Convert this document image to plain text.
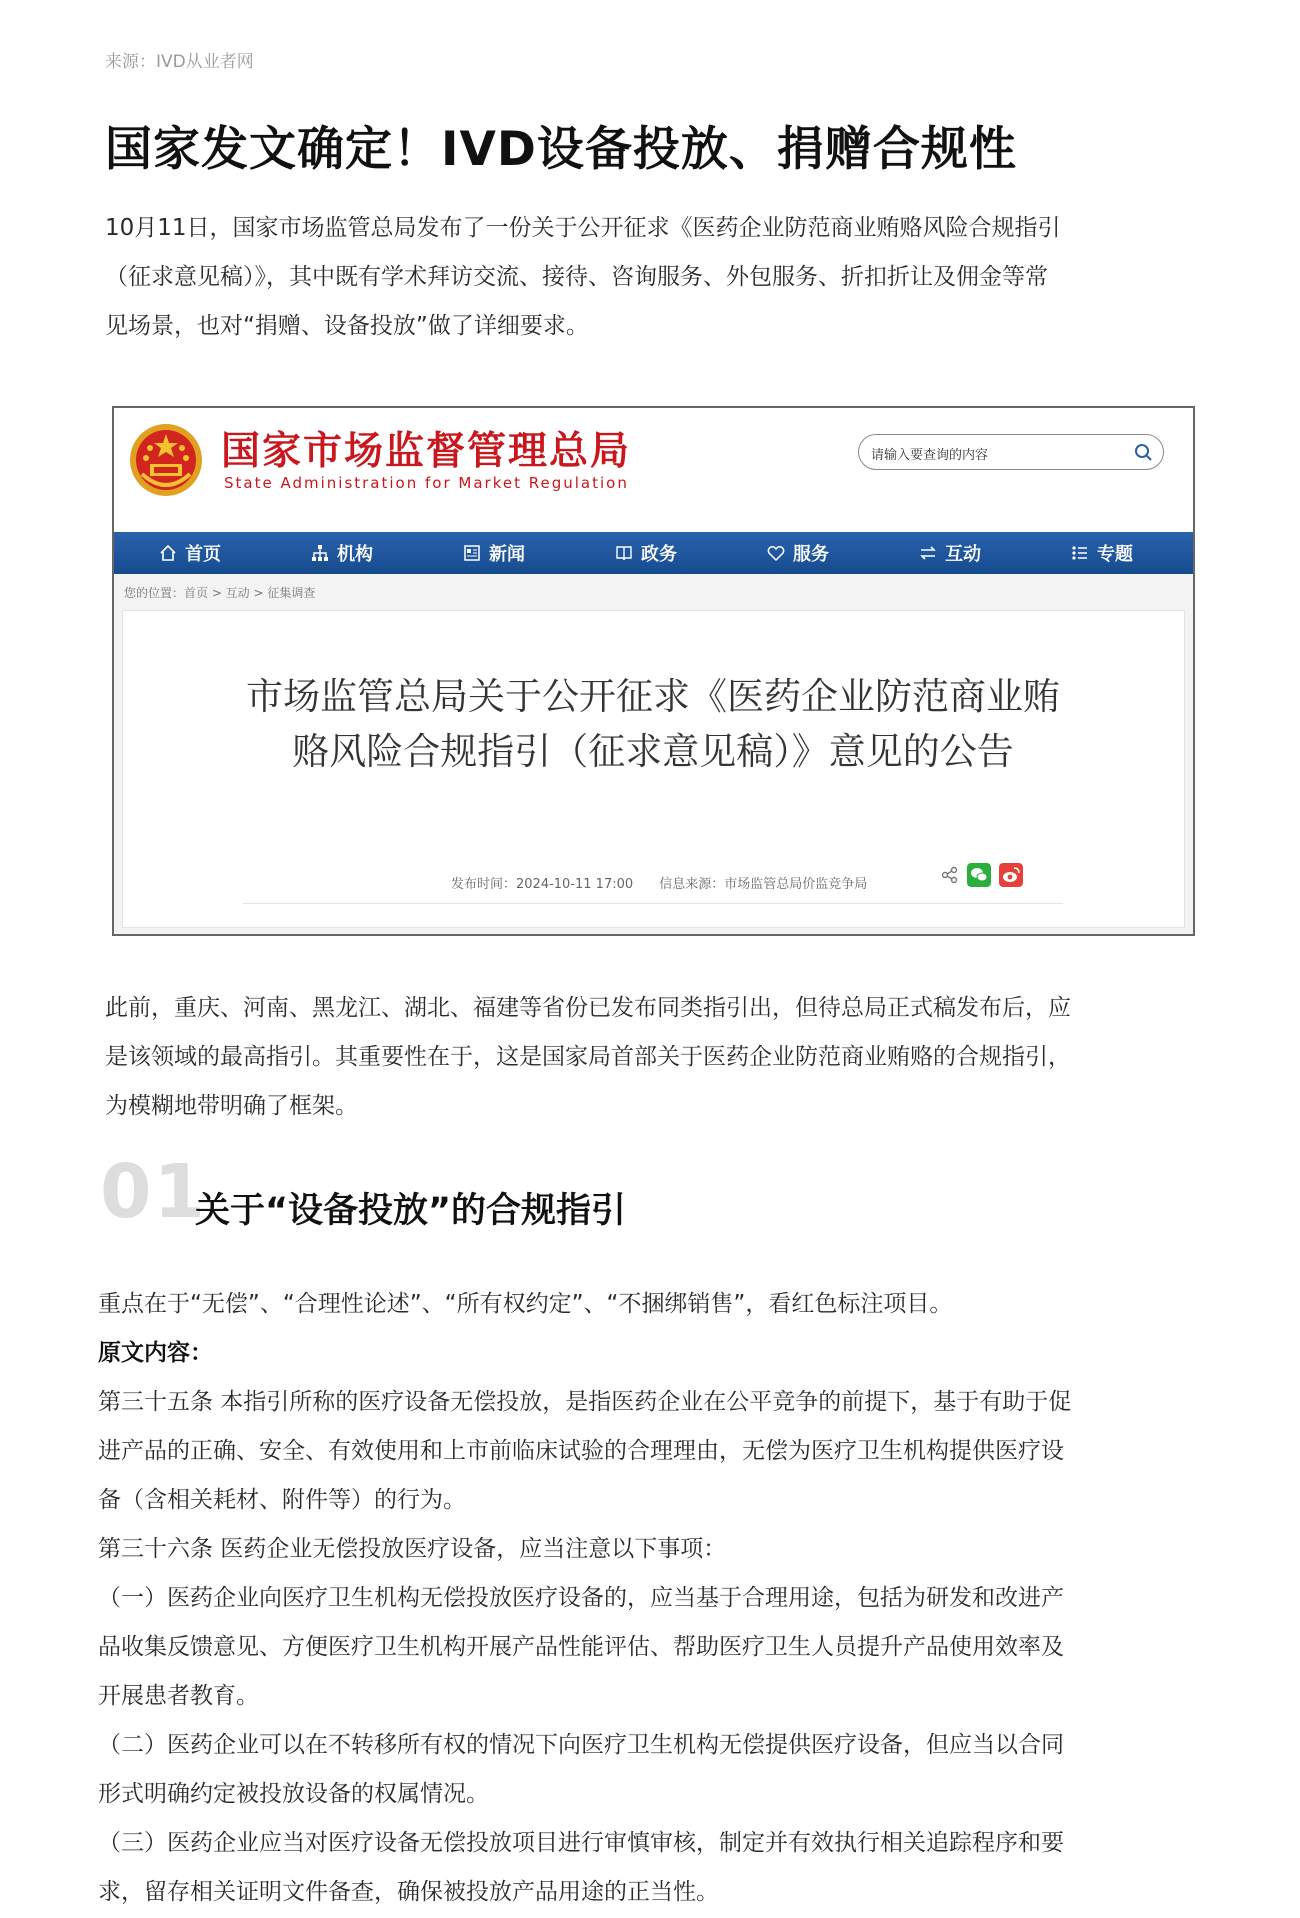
来源：IVD从业者网
国家发文确定！IVD设备投放、捐赠合规性
10月11日，国家市场监管总局发布了一份关于公开征求《医药企业防范商业贿赂风险合规指引
（征求意见稿）》，其中既有学术拜访交流、接待、咨询服务、外包服务、折扣折让及佣金等常
见场景，也对“捐赠、设备投放”做了详细要求。
国家市场监督管理总局
State Administration for Market Regulation
请输入要查询的内容
首页	机构	新闻	政务	服务	互动	专题
您的位置：首页 > 互动 > 征集调查
市场监管总局关于公开征求《医药企业防范商业贿赂风险合规指引（征求意见稿）》意见的公告
发布时间：2024-10-11 17:00 信息来源：市场监管总局价监竞争局
此前，重庆、河南、黑龙江、湖北、福建等省份已发布同类指引出，但待总局正式稿发布后，应
是该领域的最高指引。其重要性在于，这是国家局首部关于医药企业防范商业贿赂的合规指引，
为模糊地带明确了框架。
01
关于“设备投放”的合规指引
重点在于“无偿”、“合理性论述”、“所有权约定”、“不捆绑销售”，看红色标注项目。
原文内容：
第三十五条 本指引所称的医疗设备无偿投放，是指医药企业在公平竞争的前提下，基于有助于促
进产品的正确、安全、有效使用和上市前临床试验的合理理由，无偿为医疗卫生机构提供医疗设
备（含相关耗材、附件等）的行为。
第三十六条 医药企业无偿投放医疗设备，应当注意以下事项：
（一）医药企业向医疗卫生机构无偿投放医疗设备的，应当基于合理用途，包括为研发和改进产
品收集反馈意见、方便医疗卫生机构开展产品性能评估、帮助医疗卫生人员提升产品使用效率及
开展患者教育。
（二）医药企业可以在不转移所有权的情况下向医疗卫生机构无偿提供医疗设备，但应当以合同
形式明确约定被投放设备的权属情况。
（三）医药企业应当对医疗设备无偿投放项目进行审慎审核，制定并有效执行相关追踪程序和要
求，留存相关证明文件备查，确保被投放产品用途的正当性。
